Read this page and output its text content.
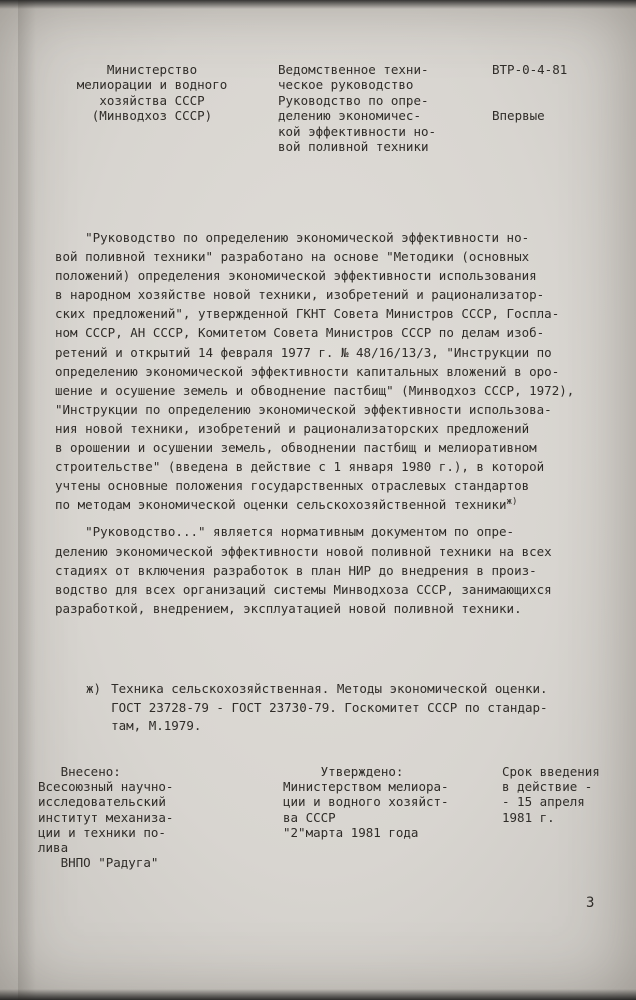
Министерство
мелиорации и водного
хозяйства СССР
(Минводхоз СССР)
Ведомственное техни-
ческое руководство
Руководство по опре-
делению экономичес-
кой эффективности но-
вой поливной техники
ВТР-0-4-81
Впервые
"Руководство по определению экономической эффективности но-
вой поливной техники" разработано на основе "Методики (основных
положений) определения экономической эффективности использования
в народном хозяйстве новой техники, изобретений и рационализатор-
ских предложений", утвержденной ГКНТ Совета Министров СССР, Госпла-
ном СССР, АН СССР, Комитетом Совета Министров СССР по делам изоб-
ретений и открытий 14 февраля 1977 г. № 48/16/13/3, "Инструкции по
определению экономической эффективности капитальных вложений в оро-
шение и осушение земель и обводнение пастбищ" (Минводхоз СССР, 1972),
"Инструкции по определению экономической эффективности использова-
ния новой техники, изобретений и рационализаторских предложений
в орошении и осушении земель, обводнении пастбищ и мелиоративном
строительстве" (введена в действие с 1 января 1980 г.), в которой
учтены основные положения государственных отраслевых стандартов
по методам экономической оценки сельскохозяйственной техники$^{ж)}$
"Руководство..." является нормативным документом по опре-
делению экономической эффективности новой поливной техники на всех
стадиях от включения разработок в план НИР до внедрения в произ-
водство для всех организаций системы Минводхоза СССР, занимающихся
разработкой, внедрением, эксплуатацией новой поливной техники.
ж) Техника сельскохозяйственная. Методы экономической оценки.
ГОСТ 23728-79 - ГОСТ 23730-79. Госкомитет СССР по стандар-
там, М.1979.
Внесено:
Всесоюзный научно-
исследовательский
институт механиза-
ции и техники по-
лива
ВНПО "Радуга"
Утверждено:
Министерством мелиора-
ции и водного хозяйст-
ва СССР
"2"марта 1981 года
Срок введения
в действие -
- 15 апреля
1981 г.
3
